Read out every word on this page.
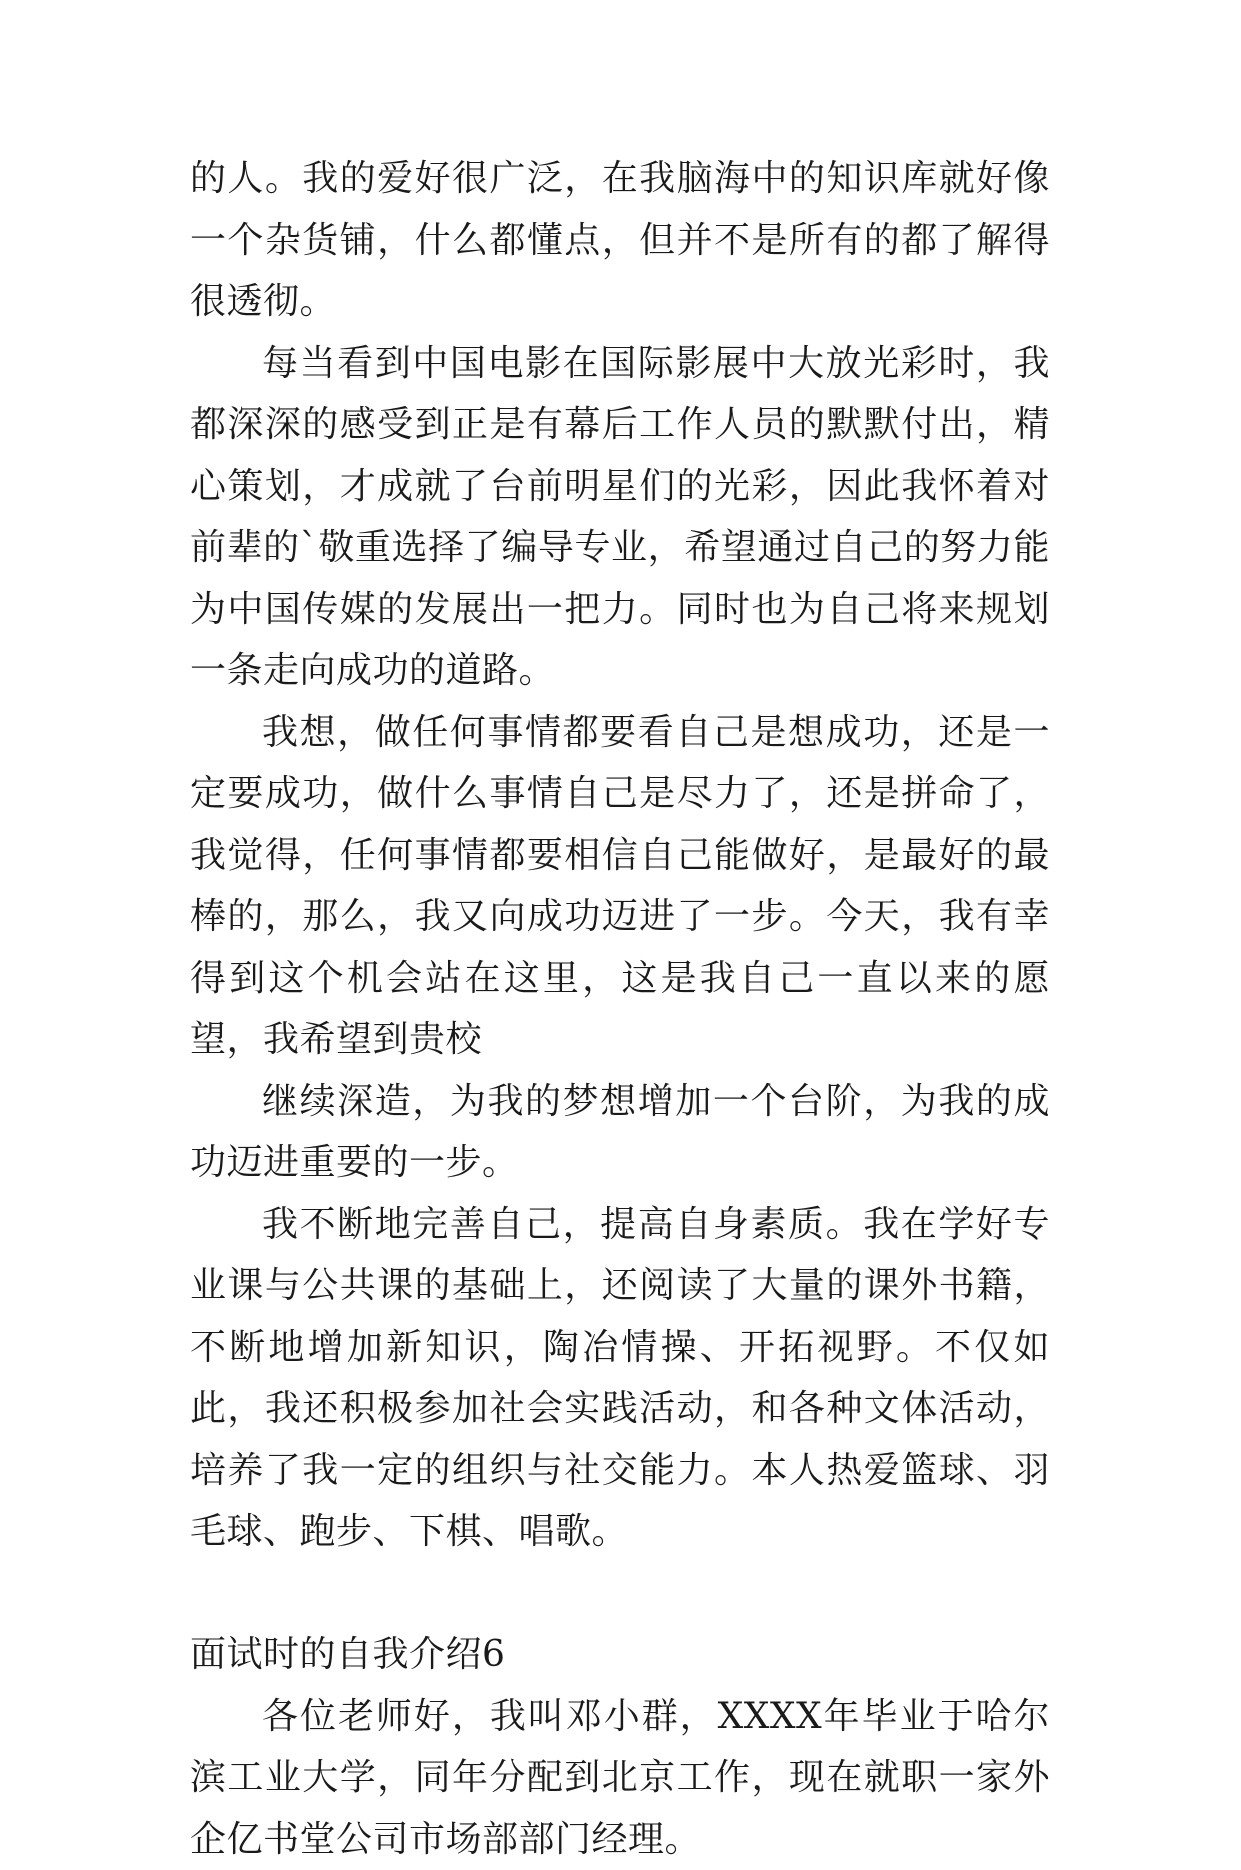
的人。我的爱好很广泛，在我脑海中的知识库就好像一个杂货铺，什么都懂点，但并不是所有的都了解得很透彻。

每当看到中国电影在国际影展中大放光彩时，我都深深的感受到正是有幕后工作人员的默默付出，精心策划，才成就了台前明星们的光彩，因此我怀着对前辈的`敬重选择了编导专业，希望通过自己的努力能为中国传媒的发展出一把力。同时也为自己将来规划一条走向成功的道路。

我想，做任何事情都要看自己是想成功，还是一定要成功，做什么事情自己是尽力了，还是拼命了，我觉得，任何事情都要相信自己能做好，是最好的最棒的，那么，我又向成功迈进了一步。今天，我有幸得到这个机会站在这里，这是我自己一直以来的愿望，我希望到贵校

继续深造，为我的梦想增加一个台阶，为我的成功迈进重要的一步。

我不断地完善自己，提高自身素质。我在学好专业课与公共课的基础上，还阅读了大量的课外书籍，不断地增加新知识，陶冶情操、开拓视野。不仅如此，我还积极参加社会实践活动，和各种文体活动，培养了我一定的组织与社交能力。本人热爱篮球、羽毛球、跑步、下棋、唱歌。

面试时的自我介绍6

各位老师好，我叫邓小群，XXXX年毕业于哈尔滨工业大学，同年分配到北京工作，现在就职一家外企亿书堂公司市场部部门经理。
